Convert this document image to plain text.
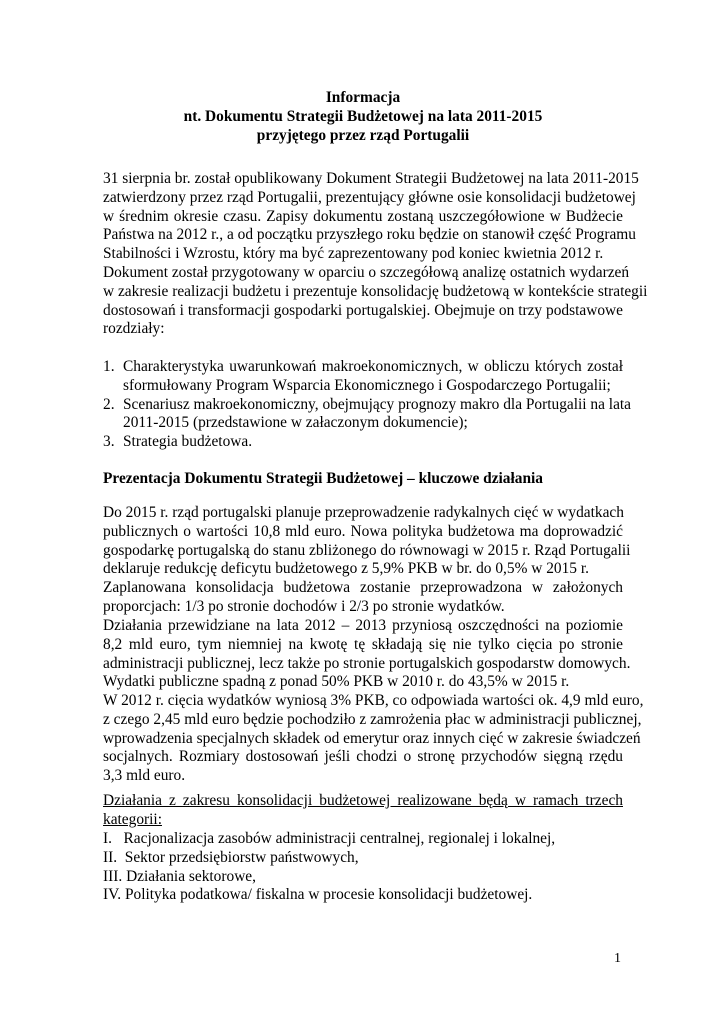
Informacja
nt. Dokumentu Strategii Budżetowej na lata 2011-2015
przyjętego przez rząd Portugalii
31 sierpnia br. został opublikowany Dokument Strategii Budżetowej na lata 2011-2015
zatwierdzony przez rząd Portugalii, prezentujący główne osie konsolidacji budżetowej
w średnim okresie czasu. Zapisy dokumentu zostaną uszczegółowione w Budżecie
Państwa na 2012 r., a od początku przyszłego roku będzie on stanowił część Programu
Stabilności i Wzrostu, który ma być zaprezentowany pod koniec kwietnia 2012 r.
Dokument został przygotowany w oparciu o szczegółową analizę ostatnich wydarzeń
w zakresie realizacji budżetu i prezentuje konsolidację budżetową w kontekście strategii
dostosowań i transformacji gospodarki portugalskiej. Obejmuje on trzy podstawowe
rozdziały:
1. Charakterystyka uwarunkowań makroekonomicznych, w obliczu których został
sformułowany Program Wsparcia Ekonomicznego i Gospodarczego Portugalii;
2. Scenariusz makroekonomiczny, obejmujący prognozy makro dla Portugalii na lata
2011-2015 (przedstawione w załaczonym dokumencie);
3. Strategia budżetowa.
Prezentacja Dokumentu Strategii Budżetowej – kluczowe działania
Do 2015 r. rząd portugalski planuje przeprowadzenie radykalnych cięć w wydatkach
publicznych o wartości 10,8 mld euro. Nowa polityka budżetowa ma doprowadzić
gospodarkę portugalską do stanu zbliżonego do równowagi w 2015 r. Rząd Portugalii
deklaruje redukcję deficytu budżetowego z 5,9% PKB w br. do 0,5% w 2015 r.
Zaplanowana konsolidacja budżetowa zostanie przeprowadzona w założonych
proporcjach: 1/3 po stronie dochodów i 2/3 po stronie wydatków.
Działania przewidziane na lata 2012 – 2013 przyniosą oszczędności na poziomie
8,2 mld euro, tym niemniej na kwotę tę składają się nie tylko cięcia po stronie
administracji publicznej, lecz także po stronie portugalskich gospodarstw domowych.
Wydatki publiczne spadną z ponad 50% PKB w 2010 r. do 43,5% w 2015 r.
W 2012 r. cięcia wydatków wyniosą 3% PKB, co odpowiada wartości ok. 4,9 mld euro,
z czego 2,45 mld euro będzie pochodziło z zamrożenia płac w administracji publicznej,
wprowadzenia specjalnych składek od emerytur oraz innych cięć w zakresie świadczeń
socjalnych. Rozmiary dostosowań jeśli chodzi o stronę przychodów sięgną rzędu
3,3 mld euro.
Działania z zakresu konsolidacji budżetowej realizowane będą w ramach trzech
kategorii:
I.   Racjonalizacja zasobów administracji centralnej, regionalej i lokalnej,
II.  Sektor przedsiębiorstw państwowych,
III. Działania sektorowe,
IV. Polityka podatkowa/ fiskalna w procesie konsolidacji budżetowej.
1
